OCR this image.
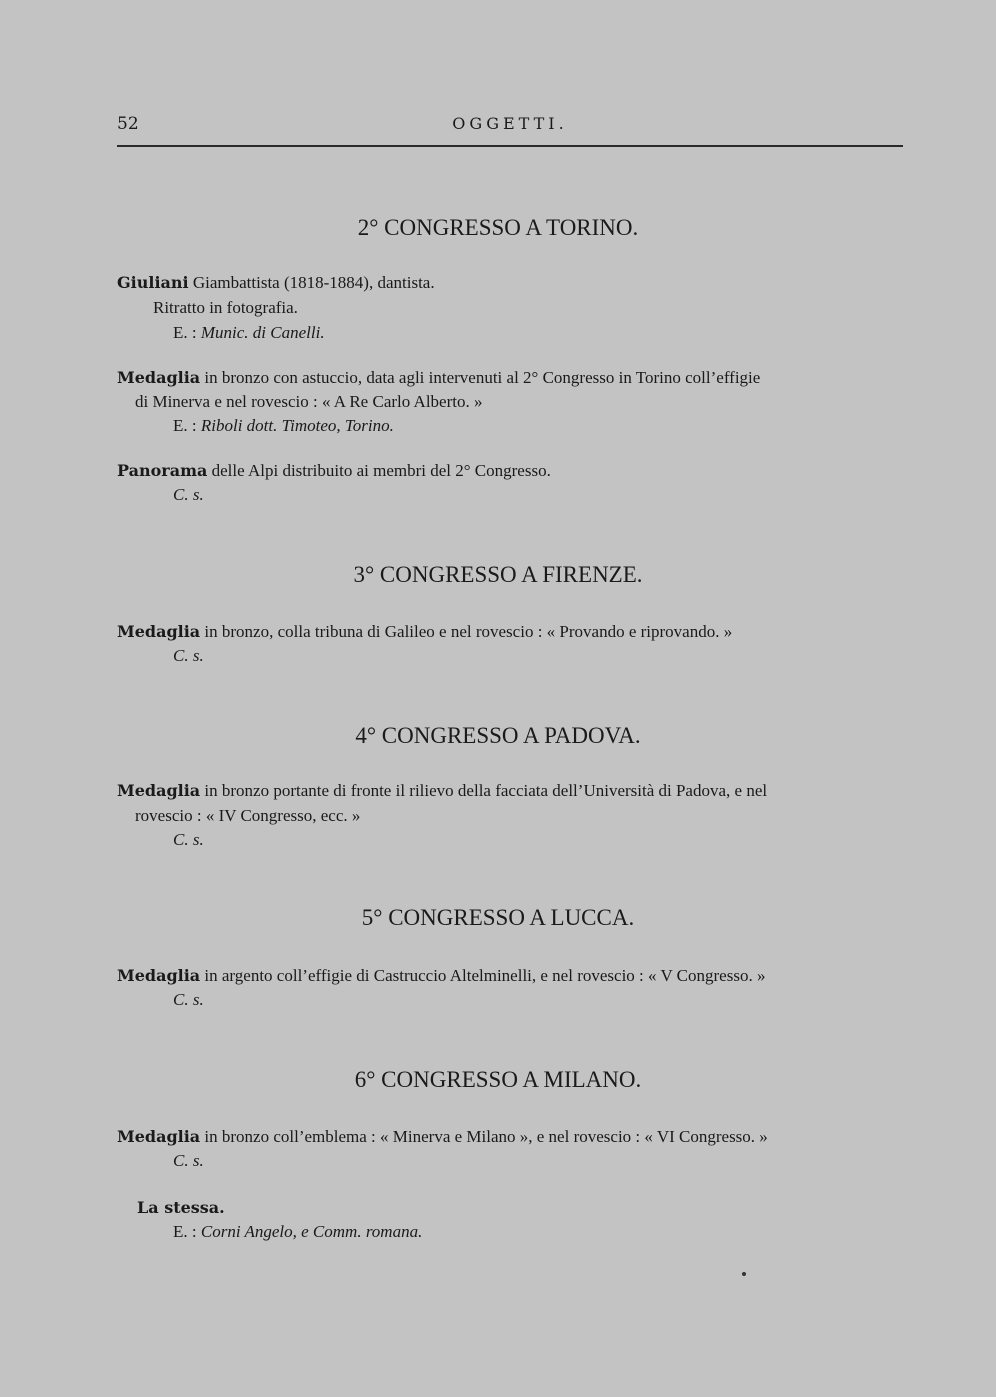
52	OGGETTI.
2° CONGRESSO A TORINO.
Giuliani Giambattista (1818-1884), dantista.
Ritratto in fotografia.
E. : Munic. di Canelli.
Medaglia in bronzo con astuccio, data agli intervenuti al 2° Congresso in Torino coll’effigie
di Minerva e nel rovescio : « A Re Carlo Alberto. »
E. : Riboli dott. Timoteo, Torino.
Panorama delle Alpi distribuito ai membri del 2° Congresso.
C. s.
3° CONGRESSO A FIRENZE.
Medaglia in bronzo, colla tribuna di Galileo e nel rovescio : « Provando e riprovando. »
C. s.
4° CONGRESSO A PADOVA.
Medaglia in bronzo portante di fronte il rilievo della facciata dell’Università di Padova, e nel
rovescio : « IV Congresso, ecc. »
C. s.
5° CONGRESSO A LUCCA.
Medaglia in argento coll’effigie di Castruccio Altelminelli, e nel rovescio : « V Congresso. »
C. s.
6° CONGRESSO A MILANO.
Medaglia in bronzo coll’emblema : « Minerva e Milano », e nel rovescio : « VI Congresso. »
C. s.
La stessa.
E. : Corni Angelo, e Comm. romana.
